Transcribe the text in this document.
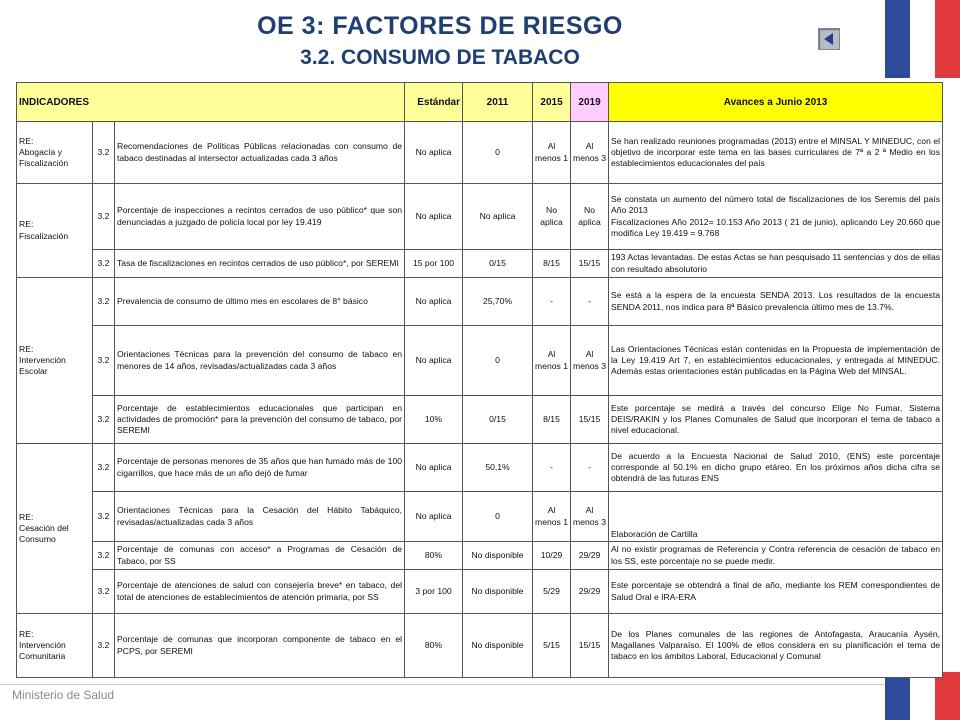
OE 3: FACTORES DE RIESGO
3.2. CONSUMO DE TABACO
INDICADORES			Estándar	2011	2015	2019	Avances a Junio 2013
RE:
Abogacía y Fiscalización	3.2	Recomendaciones de Políticas Públicas relacionadas con consumo de tabaco destinadas al intersector actualizadas cada 3 años	No aplica	0	Al menos 1	Al menos 3	Se han realizado reuniones programadas (2013) entre el MINSAL Y MINEDUC, con el objetivo de incorporar este tema en las bases curriculares de 7ª a 2 ª Medio en los establecimientos educacionales del país
RE:
Fiscalización	3.2	Porcentaje de inspecciones a recintos cerrados de uso público* que son denunciadas a juzgado de policía local por ley 19.419	No aplica	No aplica	No aplica	No aplica	Se constata un aumento del número total de fiscalizaciones de los Seremis del país Año 2013
Fiscalizaciones Año 2012= 10.153 Año 2013 ( 21 de junio), aplicando Ley 20.660 que modifica Ley 19.419 = 9.768
	3.2	Tasa de fiscalizaciones en recintos cerrados de uso público*, por SEREMI	15 por 100	0/15	8/15	15/15	193 Actas levantadas. De estas Actas se han pesquisado 11 sentencias y dos de ellas con resultado absolutorio
RE:
Intervención Escolar	3.2	Prevalencia de consumo de último mes en escolares de 8° básico	No aplica	25,70%	-	-	Se está a la espera de la encuesta SENDA 2013. Los resultados de la encuesta SENDA 2011, nos indica para 8ª Básico prevalencia último mes de 13.7%.
	3.2	Orientaciones Técnicas para la prevención del consumo de tabaco en menores de 14 años, revisadas/actualizadas cada 3 años	No aplica	0	Al menos 1	Al menos 3	Las Orientaciones Técnicas están contenidas en la Propuesta de implementación de la Ley 19.419 Art 7, en establecimientos educacionales, y entregada al MINEDUC. Además estas orientaciones están publicadas en la Página Web del MINSAL.
	3.2	Porcentaje de establecimientos educacionales que participan en actividades de promoción* para la prevención del consumo de tabaco, por SEREMI	10%	0/15	8/15	15/15	Este porcentaje se medirá a través del concurso Elige No Fumar, Sistema DEIS/RAKIN y los Planes Comunales de Salud que incorporan el tema de tabaco a nivel educacional.
RE:
Cesación del Consumo	3.2	Porcentaje de personas menores de 35 años que han fumado más de 100 cigarrillos, que hace más de un año dejó de fumar	No aplica	50,1%	-	-	De acuerdo a la Encuesta Nacional de Salud 2010, (ENS) este porcentaje corresponde al 50.1% en dicho grupo etáreo. En los próximos años dicha cifra se obtendrá de las futuras ENS
	3.2	Orientaciones Técnicas para la Cesación del Hábito Tabáquico, revisadas/actualizadas cada 3 años	No aplica	0	Al menos 1	Al menos 3	Elaboración de Cartilla
	3.2	Porcentaje de comunas con acceso* a Programas de Cesación de Tabaco, por SS	80%	No disponible	10/29	29/29	Al no existir programas de Referencia y Contra referencia de cesación de tabaco en los SS, este porcentaje no se puede medir.
	3.2	Porcentaje de atenciones de salud con consejería breve* en tabaco, del total de atenciones de establecimientos de atención primaria, por SS	3 por 100	No disponible	5/29	29/29	Este porcentaje se obtendrá a final de año, mediante los REM correspondientes de Salud Oral e IRA-ERA
RE:
Intervención Comunitaria	3.2	Porcentaje de comunas que incorporan componente de tabaco en el PCPS, por SEREMI	80%	No disponible	5/15	15/15	De los Planes comunales de las regiones de Antofagasta, Araucanía Aysén, Magallanes Valparaíso. El 100% de ellos considera en su planificación el tema de tabaco en los ámbitos Laboral, Educacional y Comunal
Ministerio de Salud
